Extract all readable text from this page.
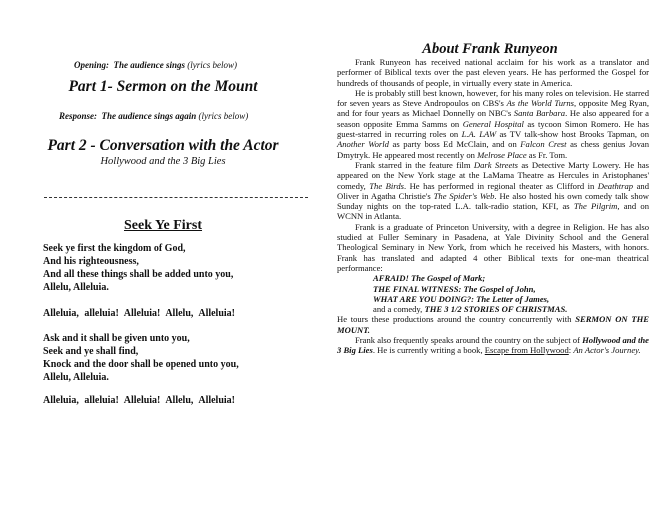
Opening: The audience sings (lyrics below)
Part 1- Sermon on the Mount
Response: The audience sings again (lyrics below)
Part 2 - Conversation with the Actor
Hollywood and the 3 Big Lies
Seek Ye First
Seek ye first the kingdom of God,
And his righteousness,
And all these things shall be added unto you,
Allelu, Alleluia.
Alleluia, alleluia! Alleluia! Allelu, Alleluia!
Ask and it shall be given unto you,
Seek and ye shall find,
Knock and the door shall be opened unto you,
Allelu, Alleluia.
Alleluia, alleluia! Alleluia! Allelu, Alleluia!
About Frank Runyeon

Frank Runyeon has received national acclaim for his work as a translator and performer of Biblical texts over the past eleven years. He has performed the Gospel for hundreds of thousands of people, in virtually every state in America.

He is probably still best known, however, for his many roles on television. He starred for seven years as Steve Andropoulos on CBS's As the World Turns, opposite Meg Ryan, and for four years as Michael Donnelly on NBC's Santa Barbara. He also appeared for a season opposite Emma Samms on General Hospital as tycoon Simon Romero. He has guest-starred in recurring roles on L.A. LAW as TV talk-show host Brooks Tapman, on Another World as party boss Ed McClain, and on Falcon Crest as chess genius Jovan Dmytryk. He appeared most recently on Melrose Place as Fr. Tom.

Frank starred in the feature film Dark Streets as Detective Marty Lowery. He has appeared on the New York stage at the LaMama Theatre as Hercules in Aristophanes' comedy, The Birds. He has performed in regional theater as Clifford in Deathtrap and Oliver in Agatha Christie's The Spider's Web. He also hosted his own comedy talk show Sunday nights on the top-rated L.A. talk-radio station, KFI, as The Pilgrim, and on WCNN in Atlanta.

Frank is a graduate of Princeton University, with a degree in Religion. He has also studied at Fuller Seminary in Pasadena, at Yale Divinity School and the General Theological Seminary in New York, from which he received his Masters, with honors. Frank has translated and adapted 4 other Biblical texts for one-man theatrical performance:

AFRAID! The Gospel of Mark;

THE FINAL WITNESS: The Gospel of John,

WHAT ARE YOU DOING?: The Letter of James,

and a comedy, THE 3 1/2 STORIES OF CHRISTMAS.

He tours these productions around the country concurrently with SERMON ON THE MOUNT.

Frank also frequently speaks around the country on the subject of Hollywood and the 3 Big Lies. He is currently writing a book, Escape from Hollywood: An Actor's Journey.
